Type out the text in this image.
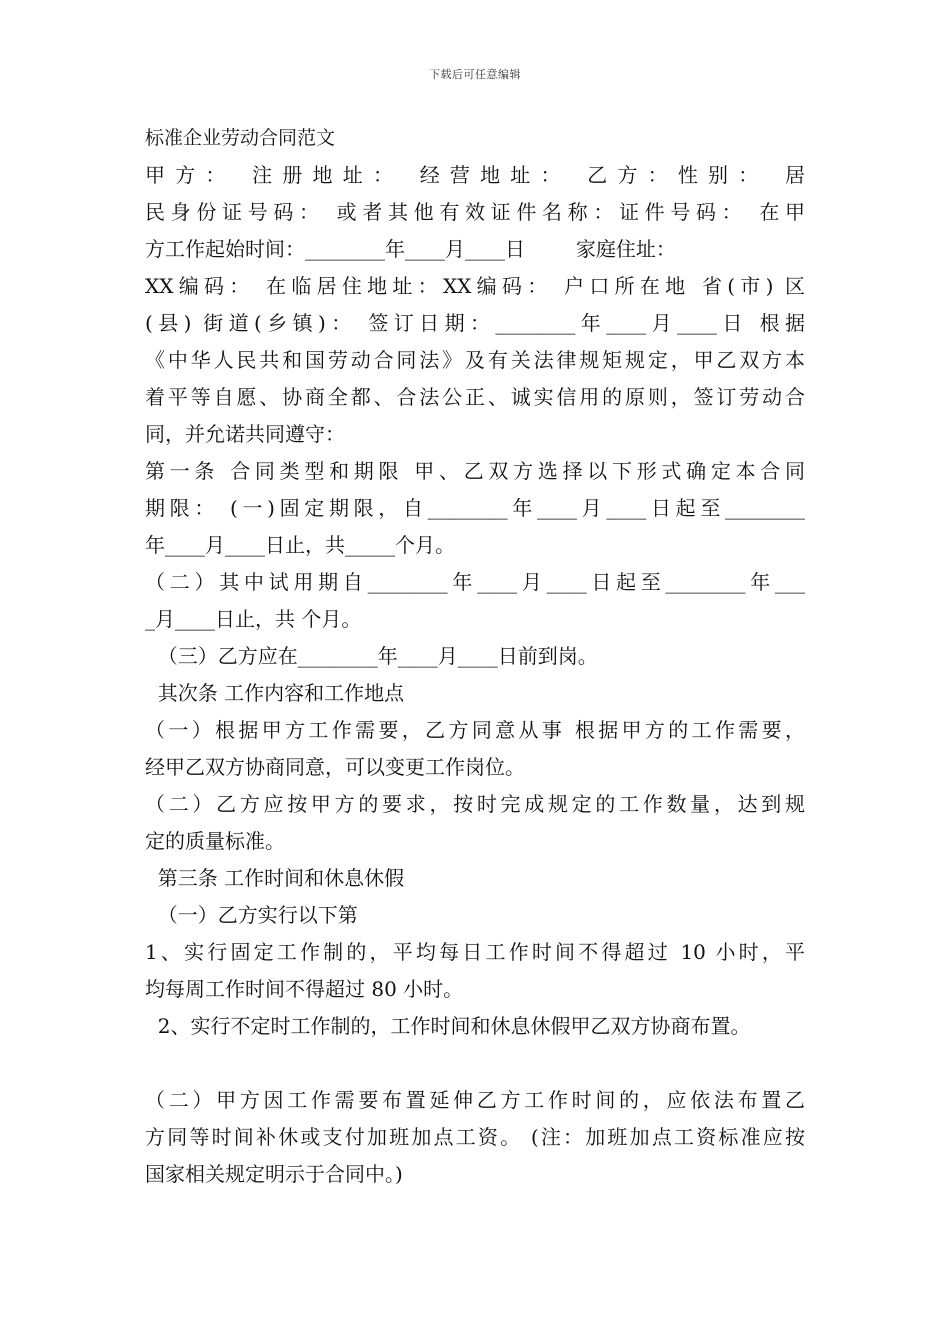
下载后可任意编辑
标准企业劳动合同范文
甲方： 注册地址： 经营地址： 乙方：性别： 居
民身份证号码： 或者其他有效证件名称：证件号码： 在甲
方工作起始时间：________年____月____日        家庭住址：
XX编码： 在临居住地址：XX编码： 户口所在地 省(市) 区
(县) 街道(乡镇)： 签订日期：________年____月____日 根据
《中华人民共和国劳动合同法》及有关法律规矩规定，甲乙双方本
着平等自愿、协商全都、合法公正、诚实信用的原则，签订劳动合
同，并允诺共同遵守：
第一条 合同类型和期限 甲、乙双方选择以下形式确定本合同
期限： (一)固定期限，自________年____月____日起至________
年____月____日止，共_____个月。
（二）其中试用期自________年____月____日起至________年___
_月____日止，共 个月。
（三）乙方应在________年____月____日前到岗。
其次条 工作内容和工作地点
（一）根据甲方工作需要，乙方同意从事 根据甲方的工作需要，
经甲乙双方协商同意，可以变更工作岗位。
（二）乙方应按甲方的要求，按时完成规定的工作数量，达到规
定的质量标准。
第三条 工作时间和休息休假
（一）乙方实行以下第
1、实行固定工作制的，平均每日工作时间不得超过 10 小时，平
均每周工作时间不得超过 80 小时。
2、实行不定时工作制的，工作时间和休息休假甲乙双方协商布置。
（二）甲方因工作需要布置延伸乙方工作时间的，应依法布置乙
方同等时间补休或支付加班加点工资。 (注：加班加点工资标准应按
国家相关规定明示于合同中。)
